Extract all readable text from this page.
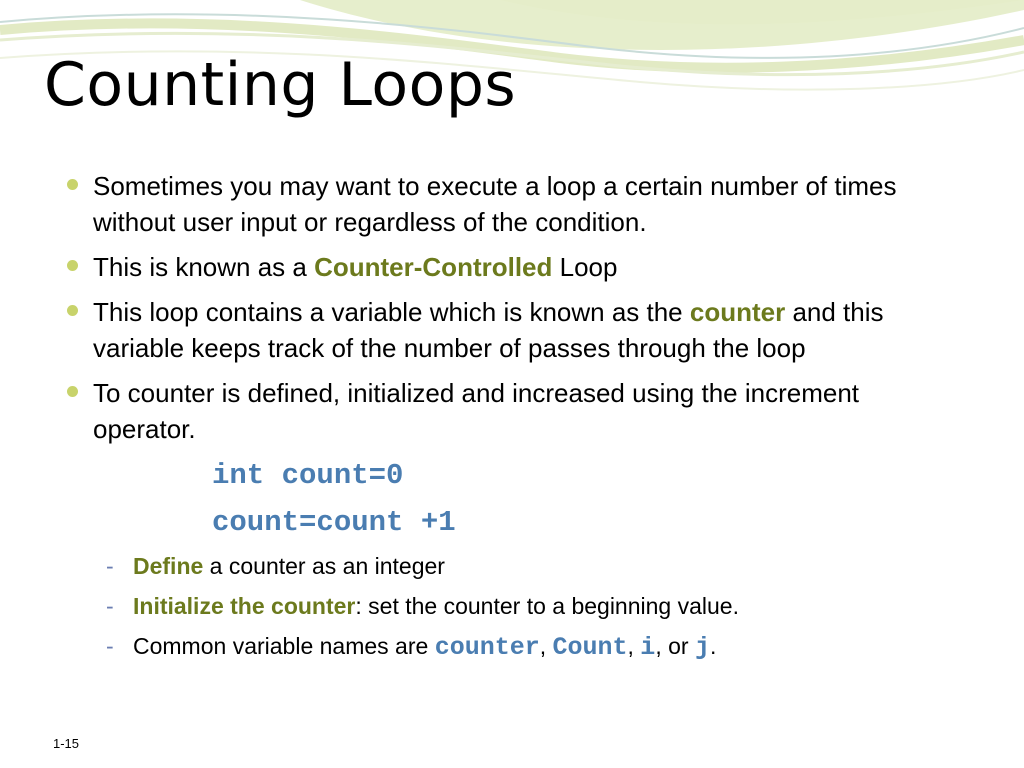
Counting Loops
Sometimes you may want to execute a loop a certain number of times without user input or regardless of the condition.
This is known as a Counter-Controlled Loop
This loop contains a variable which is known as the counter and this variable keeps track of the number of passes through the loop
To counter is defined, initialized and increased using the increment operator.
int count=0
count=count +1
- Define a counter as an integer
- Initialize the counter: set the counter to a beginning value.
- Common variable names are counter, Count, i, or j.
1-15
